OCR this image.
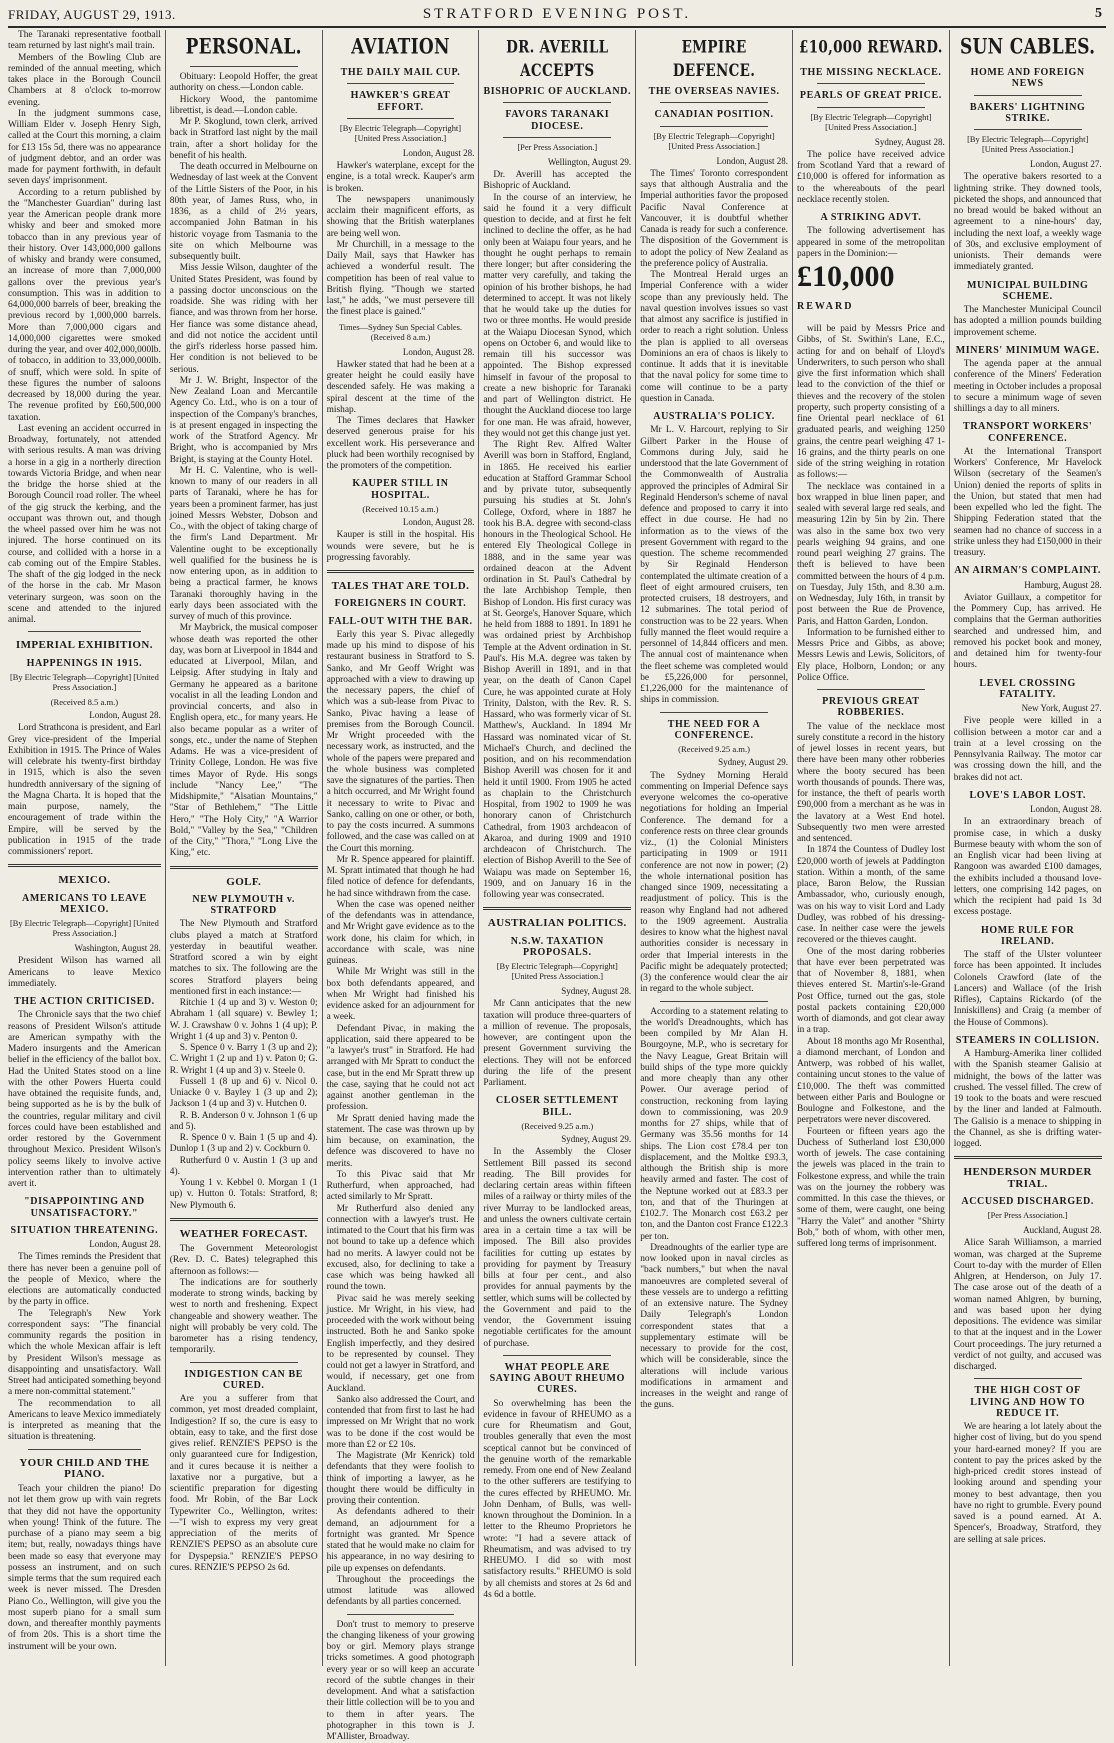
FRIDAY, AUGUST 29, 1913.	STRATFORD EVENING POST.	5

The Taranaki representative football team returned by last night's mail train.

Members of the Bowling Club are reminded of the annual meeting, which takes place in the Borough Council Chambers at 8 o'clock to-morrow evening.

In the judgment summons case, William Elder v. Joseph Henry Sigh, called at the Court this morning, a claim for £13 15s 5d, there was no appearance of judgment debtor, and an order was made for payment forthwith, in default seven days' imprisonment.

According to a return published by the "Manchester Guardian" during last year the American people drank more whisky and beer and smoked more tobacco than in any previous year of their history. Over 143,000,000 gallons of whisky and brandy were consumed, an increase of more than 7,000,000 gallons over the previous year's consumption. This was in addition to 64,000,000 barrels of beer, breaking the previous record by 1,000,000 barrels. More than 7,000,000 cigars and 14,000,000 cigarettes were smoked during the year, and over 402,000,000lb. of tobacco, in addition to 33,000,000lb. of snuff, which were sold. In spite of these figures the number of saloons decreased by 18,000 during the year. The revenue profited by £60,500,000 taxation.

Last evening an accident occurred in Broadway, fortunately, not attended with serious results. A man was driving a horse in a gig in a northerly direction towards Victoria Bridge, and when near the bridge the horse shied at the Borough Council road roller. The wheel of the gig struck the kerbing, and the occupant was thrown out, and though the wheel passed over him he was not injured. The horse continued on its course, and collided with a horse in a cab coming out of the Empire Stables. The shaft of the gig lodged in the neck of the horse in the cab. Mr Mason veterinary surgeon, was soon on the scene and attended to the injured animal.

IMPERIAL EXHIBITION.
HAPPENINGS IN 1915.
[By Electric Telegraph—Copyright] [United Press Association.]
(Received 8.5 a.m.)
London, August 28.

Lord Strathcona is president, and Earl Grey vice-president of the Imperial Exhibition in 1915. The Prince of Wales will celebrate his twenty-first birthday in 1915, which is also the seven hundredth anniversary of the signing of the Magna Charta. It is hoped that the main purpose, namely, the encouragement of trade within the Empire, will be served by the publication in 1915 of the trade commissioners' report.

MEXICO.
AMERICANS TO LEAVE MEXICO.
[By Electric Telegraph—Copyright] [United Press Association.]
Washington, August 28.

President Wilson has warned all Americans to leave Mexico immediately.

THE ACTION CRITICISED.

The Chronicle says that the two chief reasons of President Wilson's attitude are American sympathy with the Madero insurgents and the American belief in the efficiency of the ballot box. Had the United States stood on a line with the other Powers Huerta could have obtained the requisite funds, and, being supported as he is by the bulk of the countries, regular military and civil forces could have been established and order restored by the Government throughout Mexico. President Wilson's policy seems likely to involve active intervention rather than to ultimately avert it.

"DISAPPOINTING AND UNSATISFACTORY."
SITUATION THREATENING.
London, August 28.

The Times reminds the President that there has never been a genuine poll of the people of Mexico, where the elections are automatically conducted by the party in office.

The Telegraph's New York correspondent says: "The financial community regards the position in which the whole Mexican affair is left by President Wilson's message as disappointing and unsatisfactory. Wall Street had anticipated something beyond a mere non-committal statement."

The recommendation to all Americans to leave Mexico immediately is interpreted as meaning that the situation is threatening.

YOUR CHILD AND THE PIANO.

Teach your children the piano! Do not let them grow up with vain regrets that they did not have the opportunity when young! Think of the future. The purchase of a piano may seem a big item; but, really, nowadays things have been made so easy that everyone may possess an instrument, and on such simple terms that the sum required each week is never missed. The Dresden Piano Co., Wellington, will give you the most superb piano for a small sum down, and thereafter monthly payments of from 20s. This is a short time the instrument will be your own.

PERSONAL.

Obituary: Leopold Hoffer, the great authority on chess.—London cable.

Hickory Wood, the pantomime librettist, is dead.—London cable.

Mr P. Skoglund, town clerk, arrived back in Stratford last night by the mail train, after a short holiday for the benefit of his health.

The death occurred in Melbourne on Wednesday of last week at the Convent of the Little Sisters of the Poor, in his 80th year, of James Russ, who, in 1836, as a child of 2½ years, accompanied John Batman in his historic voyage from Tasmania to the site on which Melbourne was subsequently built.

Miss Jessie Wilson, daughter of the United States President, was found by a passing doctor unconscious on the roadside. She was riding with her fiance, and was thrown from her horse. Her fiance was some distance ahead, and did not notice the accident until the girl's riderless horse passed him. Her condition is not believed to be serious.

Mr J. W. Bright, Inspector of the New Zealand Loan and Mercantile Agency Co. Ltd., who is on a tour of inspection of the Company's branches, is at present engaged in inspecting the work of the Stratford Agency. Mr Bright, who is accompanied by Mrs Bright, is staying at the County Hotel.

Mr H. C. Valentine, who is well-known to many of our readers in all parts of Taranaki, where he has for years been a prominent farmer, has just joined Messrs Webster, Dobson and Co., with the object of taking charge of the firm's Land Department. Mr Valentine ought to be exceptionally well qualified for the business he is now entering upon, as in addition to being a practical farmer, he knows Taranaki thoroughly having in the early days been associated with the survey of much of this province.

Mr Maybrick, the musical composer whose death was reported the other day, was born at Liverpool in 1844 and educated at Liverpool, Milan, and Leipsig. After studying in Italy and Germany he appeared as a baritone vocalist in all the leading London and provincial concerts, and also in English opera, etc., for many years. He also became popular as a writer of songs, etc., under the name of Stephen Adams. He was a vice-president of Trinity College, London. He was five times Mayor of Ryde. His songs include "Nancy Lee," "The Midshipmite," "Alsatian Mountains," "Star of Bethlehem," "The Little Hero," "The Holy City," "A Warrior Bold," "Valley by the Sea," "Children of the City," "Thora," "Long Live the King," etc.

GOLF.
NEW PLYMOUTH v. STRATFORD

The New Plymouth and Stratford clubs played a match at Stratford yesterday in beautiful weather. Stratford scored a win by eight matches to six. The following are the scores Stratford players being mentioned first in each instance:—

Ritchie 1 (4 up and 3) v. Weston 0; Abraham 1 (all square) v. Bewley 1; W. J. Crawshaw 0 v. Johns 1 (4 up); P. Wright 1 (4 up and 3) v. Penton 0.

S. Spence 0 v. Barry 1 (3 up and 2); C. Wright 1 (2 up and 1) v. Paton 0; G. R. Wright 1 (4 up and 3) v. Steele 0.

Fussell 1 (8 up and 6) v. Nicol 0. Uniacke 0 v. Bayley 1 (3 up and 2); Jackson 1 (4 up and 3) v. Hutchen 0.

R. B. Anderson 0 v. Johnson 1 (6 up and 5).

R. Spence 0 v. Bain 1 (5 up and 4). Dunlop 1 (3 up and 2) v. Cockburn 0.

Rutherfurd 0 v. Austin 1 (3 up and 4).

Young 1 v. Kebbel 0. Morgan 1 (1 up) v. Hutton 0. Totals: Stratford, 8; New Plymouth 6.

WEATHER FORECAST.

The Government Meteorologist (Rev. D. C. Bates) telegraphed this afternoon as follows:—

The indications are for southerly moderate to strong winds, backing by west to north and freshening. Expect changeable and showery weather. The night will probably be very cold. The barometer has a rising tendency, temporarily.

INDIGESTION CAN BE CURED.

Are you a sufferer from that common, yet most dreaded complaint, Indigestion? If so, the cure is easy to obtain, easy to take, and the first dose gives relief. RENZIE'S PEPSO is the only guaranteed cure for Indigestion, and it cures because it is neither a laxative nor a purgative, but a scientific preparation for digesting food. Mr Robin, of the Bar Lock Typewriter Co., Wellington, writes:—"I wish to express my very great appreciation of the merits of RENZIE'S PEPSO as an absolute cure for Dyspepsia." RENZIE'S PEPSO cures. RENZIE'S PEPSO 2s 6d.

AVIATION
THE DAILY MAIL CUP.
HAWKER'S GREAT EFFORT.
[By Electric Telegraph—Copyright] [United Press Association.]
London, August 28.

Hawker's waterplane, except for the engine, is a total wreck. Kauper's arm is broken.

The newspapers unanimously acclaim their magnificent efforts, as showing that the British waterplanes are being well won.

Mr Churchill, in a message to the Daily Mail, says that Hawker has achieved a wonderful result. The competition has been of real value to British flying. "Though we started last," he adds, "we must persevere till the finest place is gained."

Times—Sydney Sun Special Cables. (Received 8 a.m.)
London, August 28.

Hawker stated that had he been at a greater height he could easily have descended safely. He was making a spiral descent at the time of the mishap.

The Times declares that Hawker deserved generous praise for his excellent work. His perseverance and pluck had been worthily recognised by the promoters of the competition.

KAUPER STILL IN HOSPITAL.
(Received 10.15 a.m.)
London, August 28.

Kauper is still in the hospital. His wounds were severe, but he is progressing favorably.

TALES THAT ARE TOLD.
FOREIGNERS IN COURT.
FALL-OUT WITH THE BAR.

Early this year S. Pivac allegedly made up his mind to dispose of his restaurant business in Stratford to S. Sanko, and Mr Geoff Wright was approached with a view to drawing up the necessary papers, the chief of which was a sub-lease from Pivac to Sanko, Pivac having a lease of premises from the Borough Council. Mr Wright proceeded with the necessary work, as instructed, and the whole of the papers were prepared and the whole business was completed save the signatures of the parties. Then a hitch occurred, and Mr Wright found it necessary to write to Pivac and Sanko, calling on one or other, or both, to pay the costs incurred. A summons followed, and the case was called on at the Court this morning.

Mr R. Spence appeared for plaintiff. M. Spratt intimated that though he had filed notice of defence for defendants, he had since withdrawn from the case.

When the case was opened neither of the defendants was in attendance, and Mr Wright gave evidence as to the work done, his claim for which, in accordance with scale, was nine guineas.

While Mr Wright was still in the box both defendants appeared, and when Mr Wright had finished his evidence asked for an adjournment for a week.

Defendant Pivac, in making the application, said there appeared to be "a lawyer's trust" in Stratford. He had arranged with Mr Spratt to conduct the case, but in the end Mr Spratt threw up the case, saying that he could not act against another gentleman in the profession.

Mr Spratt denied having made the statement. The case was thrown up by him because, on examination, the defence was discovered to have no merits.

To this Pivac said that Mr Rutherfurd, when approached, had acted similarly to Mr Spratt.

Mr Rutherfurd also denied any connection with a lawyer's trust. He intimated to the Court that his firm was not bound to take up a defence which had no merits. A lawyer could not be excused, also, for declining to take a case which was being hawked all round the town.

Pivac said he was merely seeking justice. Mr Wright, in his view, had proceeded with the work without being instructed. Both he and Sanko spoke English imperfectly, and they desired to be represented by counsel. They could not get a lawyer in Stratford, and would, if necessary, get one from Auckland.

Sanko also addressed the Court, and contended that from first to last he had impressed on Mr Wright that no work was to be done if the cost would be more than £2 or £2 10s.

The Magistrate (Mr Kenrick) told defendants that they were foolish to think of importing a lawyer, as he thought there would be difficulty in proving their contention.

As defendants adhered to their demand, an adjournment for a fortnight was granted. Mr Spence stated that he would make no claim for his appearance, in no way desiring to pile up expenses on defendants.

Throughout the proceedings the utmost latitude was allowed defendants by all parties concerned.

Don't trust to memory to preserve the changing likeness of your growing boy or girl. Memory plays strange tricks sometimes. A good photograph every year or so will keep an accurate record of the subtle changes in their development. And what a satisfaction their little collection will be to you and to them in after years. The photographer in this town is J. M'Allister, Broadway.

DR. AVERILL ACCEPTS
BISHOPRIC OF AUCKLAND.
FAVORS TARANAKI DIOCESE.
[Per Press Association.]
Wellington, August 29.

Dr. Averill has accepted the Bishopric of Auckland.

In the course of an interview, he said he found it a very difficult question to decide, and at first he felt inclined to decline the offer, as he had only been at Waiapu four years, and he thought he ought perhaps to remain there longer; but after considering the matter very carefully, and taking the opinion of his brother bishops, he had determined to accept. It was not likely that he would take up the duties for two or three months. He would preside at the Waiapu Diocesan Synod, which opens on October 6, and would like to remain till his successor was appointed. The Bishop expressed himself in favour of the proposal to create a new bishopric for Taranaki and part of Wellington district. He thought the Auckland diocese too large for one man. He was afraid, however, they would not get this change just yet.

The Right Rev. Alfred Walter Averill was born in Stafford, England, in 1865. He received his earlier education at Stafford Grammar School and by private tutor, subsequently pursuing his studies at St. John's College, Oxford, where in 1887 he took his B.A. degree with second-class honours in the Theological School. He entered Ely Theological College in 1888, and in the same year was ordained deacon at the Advent ordination in St. Paul's Cathedral by the late Archbishop Temple, then Bishop of London. His first curacy was at St. George's, Hanover Square, which he held from 1888 to 1891. In 1891 he was ordained priest by Archbishop Temple at the Advent ordination in St. Paul's. His M.A. degree was taken by Bishop Averill in 1891, and in that year, on the death of Canon Capel Cure, he was appointed curate at Holy Trinity, Dalston, with the Rev. R. S. Hassard, who was formerly vicar of St. Matthew's, Auckland. In 1894 Mr Hassard was nominated vicar of St. Michael's Church, and declined the position, and on his recommendation Bishop Averill was chosen for it and held it until 1900. From 1905 he acted as chaplain to the Christchurch Hospital, from 1902 to 1909 he was honorary canon of Christchurch Cathedral, from 1903 archdeacon of Akaroa, and during 1909 and 1910 archdeacon of Christchurch. The election of Bishop Averill to the See of Waiapu was made on September 16, 1909, and on January 16 in the following year was consecrated.

AUSTRALIAN POLITICS.
N.S.W. TAXATION PROPOSALS.
[By Electric Telegraph—Copyright] [United Press Association.]
Sydney, August 28.

Mr Cann anticipates that the new taxation will produce three-quarters of a million of revenue. The proposals, however, are contingent upon the present Government surviving the elections. They will not be enforced during the life of the present Parliament.

CLOSER SETTLEMENT BILL.
(Received 9.25 a.m.)
Sydney, August 29.

In the Assembly the Closer Settlement Bill passed its second reading. The Bill provides for declaring certain areas within fifteen miles of a railway or thirty miles of the river Murray to be landlocked areas, and unless the owners cultivate certain area in a certain time a tax will be imposed. The Bill also provides facilities for cutting up estates by providing for payment by Treasury bills at four per cent., and also provides for annual payments by the settler, which sums will be collected by the Government and paid to the vendor, the Government issuing negotiable certificates for the amount of purchase.

WHAT PEOPLE ARE SAYING ABOUT RHEUMO CURES.

So overwhelming has been the evidence in favour of RHEUMO as a cure for Rheumatism and Gout, troubles generally that even the most sceptical cannot but be convinced of the genuine worth of the remarkable remedy. From one end of New Zealand to the other sufferers are testifying to the cures effected by RHEUMO. Mr. John Denham, of Bulls, was well-known throughout the Dominion. In a letter to the Rheumo Proprietors he wrote: "I had a severe attack of Rheumatism, and was advised to try RHEUMO. I did so with most satisfactory results." RHEUMO is sold by all chemists and stores at 2s 6d and 4s 6d a bottle.

EMPIRE DEFENCE.
THE OVERSEAS NAVIES.
CANADIAN POSITION.
[By Electric Telegraph—Copyright] [United Press Association.]
London, August 28.

The Times' Toronto correspondent says that although Australia and the Imperial authorities favor the proposed Pacific Naval Conference at Vancouver, it is doubtful whether Canada is ready for such a conference. The disposition of the Government is to adopt the policy of New Zealand as the preference policy of Australia.

The Montreal Herald urges an Imperial Conference with a wider scope than any previously held. The naval question involves issues so vast that almost any sacrifice is justified in order to reach a right solution. Unless the plan is applied to all overseas Dominions an era of chaos is likely to continue. It adds that it is inevitable that the naval policy for some time to come will continue to be a party question in Canada.

AUSTRALIA'S POLICY.

Mr L. V. Harcourt, replying to Sir Gilbert Parker in the House of Commons during July, said he understood that the late Government of the Commonwealth of Australia approved the principles of Admiral Sir Reginald Henderson's scheme of naval defence and proposed to carry it into effect in due course. He had no information as to the views of the present Government with regard to the question. The scheme recommended by Sir Reginald Henderson contemplated the ultimate creation of a fleet of eight armoured cruisers, ten protected cruisers, 18 destroyers, and 12 submarines. The total period of construction was to be 22 years. When fully manned the fleet would require a personnel of 14,844 officers and men. The annual cost of maintenance when the fleet scheme was completed would be £5,226,000 for personnel, £1,226,000 for the maintenance of ships in commission.

THE NEED FOR A CONFERENCE.
(Received 9.25 a.m.)
Sydney, August 29.

The Sydney Morning Herald commenting on Imperial Defence says everyone welcomes the co-operative negotiations for holding an Imperial Conference. The demand for a conference rests on three clear grounds viz., (1) the Colonial Ministers participating in 1909 or 1911 conference are not now in power; (2) the whole international position has changed since 1909, necessitating a readjustment of policy. This is the reason why England had not adhered to the 1909 agreement. Australia desires to know what the highest naval authorities consider is necessary in order that Imperial interests in the Pacific might be adequately protected; (3) the conference would clear the air in regard to the whole subject.

According to a statement relating to the world's Dreadnoughts, which has been compiled by Mr Alan H. Bourgoyne, M.P., who is secretary for the Navy League, Great Britain will build ships of the type more quickly and more cheaply than any other Power. Our average period of construction, reckoning from laying down to commissioning, was 20.9 months for 27 ships, while that of Germany was 35.56 months for 14 ships. The Lion cost £78.4 per ton displacement, and the Moltke £93.3, although the British ship is more heavily armed and faster. The cost of the Neptune worked out at £83.3 per ton, and that of the Thuringen at £102.7. The Monarch cost £63.2 per ton, and the Danton cost France £122.3 per ton.

Dreadnoughts of the earlier type are now looked upon in naval circles as "back numbers," but when the naval manoeuvres are completed several of these vessels are to undergo a refitting of an extensive nature. The Sydney Daily Telegraph's London correspondent states that a supplementary estimate will be necessary to provide for the cost, which will be considerable, since the alterations will include various modifications in armament and increases in the weight and range of the guns.

£10,000 REWARD.
THE MISSING NECKLACE.
PEARLS OF GREAT PRICE.
[By Electric Telegraph—Copyright] [United Press Association.]
Sydney, August 28.

The police have received advice from Scotland Yard that a reward of £10,000 is offered for information as to the whereabouts of the pearl necklace recently stolen.

A STRIKING ADVT.

The following advertisement has appeared in some of the metropolitan papers in the Dominion:—

£10,000 $^{REWARD}$

will be paid by Messrs Price and Gibbs, of St. Swithin's Lane, E.C., acting for and on behalf of Lloyd's Underwriters, to such person who shall give the first information which shall lead to the conviction of the thief or thieves and the recovery of the stolen property, such property consisting of a fine Oriental pearl necklace of 61 graduated pearls, and weighing 1250 grains, the centre pearl weighing 47 1-16 grains, and the thirty pearls on one side of the string weighing in rotation as follows:—

The necklace was contained in a box wrapped in blue linen paper, and sealed with several large red seals, and measuring 12in by 5in by 2in. There was also in the same box two very pearls weighing 94 grains, and one round pearl weighing 27 grains. The theft is believed to have been committed between the hours of 4 p.m. on Tuesday, July 15th, and 8.30 a.m. on Wednesday, July 16th, in transit by post between the Rue de Provence, Paris, and Hatton Garden, London.

Information to be furnished either to Messrs Price and Gibbs, as above; Messrs Lewis and Lewis, Solicitors, of Ely place, Holborn, London; or any Police Office.

PREVIOUS GREAT ROBBERIES.

The value of the necklace most surely constitute a record in the history of jewel losses in recent years, but there have been many other robberies where the booty secured has been worth thousands of pounds. There was, for instance, the theft of pearls worth £90,000 from a merchant as he was in the lavatory at a West End hotel. Subsequently two men were arrested and sentenced.

In 1874 the Countess of Dudley lost £20,000 worth of jewels at Paddington station. Within a month, of the same place, Baron Below, the Russian Ambassador, who, curiously enough, was on his way to visit Lord and Lady Dudley, was robbed of his dressing-case. In neither case were the jewels recovered or the thieves caught.

One of the most daring robberies that have ever been perpetrated was that of November 8, 1881, when thieves entered St. Martin's-le-Grand Post Office, turned out the gas, stole postal packets containing £20,000 worth of diamonds, and got clear away in a trap.

About 18 months ago Mr Rosenthal, a diamond merchant, of London and Antwerp, was robbed of his wallet, containing uncut stones to the value of £10,000. The theft was committed between either Paris and Boulogne or Boulogne and Folkestone, and the perpetrators were never discovered.

Fourteen or fifteen years ago the Duchess of Sutherland lost £30,000 worth of jewels. The case containing the jewels was placed in the train to Folkestone express, and while the train was on the journey the robbery was committed. In this case the thieves, or some of them, were caught, one being "Harry the Valet" and another "Shirty Bob," both of whom, with other men, suffered long terms of imprisonment.

SUN CABLES.
HOME AND FOREIGN NEWS
BAKERS' LIGHTNING STRIKE.
[By Electric Telegraph—Copyright] [United Press Association.]
London, August 27.

The operative bakers resorted to a lightning strike. They downed tools, picketed the shops, and announced that no bread would be baked without an agreement to a nine-hours' day, including the next loaf, a weekly wage of 30s, and exclusive employment of unionists. Their demands were immediately granted.

MUNICIPAL BUILDING SCHEME.

The Manchester Municipal Council has adopted a million pounds building improvement scheme.

MINERS' MINIMUM WAGE.

The agenda paper at the annual conference of the Miners' Federation meeting in October includes a proposal to secure a minimum wage of seven shillings a day to all miners.

TRANSPORT WORKERS' CONFERENCE.

At the International Transport Workers' Conference, Mr Havelock Wilson (secretary of the Seamen's Union) denied the reports of splits in the Union, but stated that men had been expelled who led the fight. The Shipping Federation stated that the seamen had no chance of success in a strike unless they had £150,000 in their treasury.

AN AIRMAN'S COMPLAINT.
Hamburg, August 28.

Aviator Guillaux, a competitor for the Pommery Cup, has arrived. He complains that the German authorities searched and undressed him, and removed his pocket book and money, and detained him for twenty-four hours.

LEVEL CROSSING FATALITY.
New York, August 27.

Five people were killed in a collision between a motor car and a train at a level crossing on the Pennsylvania Railway. The motor car was crossing down the hill, and the brakes did not act.

LOVE'S LABOR LOST.
London, August 28.

In an extraordinary breach of promise case, in which a dusky Burmese beauty with whom the son of an English vicar had been living at Rangoon was awarded £100 damages, the exhibits included a thousand love-letters, one comprising 142 pages, on which the recipient had paid 1s 3d excess postage.

HOME RULE FOR IRELAND.

The staff of the Ulster volunteer force has been appointed. It includes Colonels Crawford (late of the Lancers) and Wallace (of the Irish Rifles), Captains Rickardo (of the Inniskillens) and Craig (a member of the House of Commons).

STEAMERS IN COLLISION.

A Hamburg-Amerika liner collided with the Spanish steamer Galisio at midnight, the bows of the latter was crushed. The vessel filled. The crew of 19 took to the boats and were rescued by the liner and landed at Falmouth. The Galisio is a menace to shipping in the Channel, as she is drifting water-logged.

HENDERSON MURDER TRIAL.
ACCUSED DISCHARGED.
[Per Press Association.]
Auckland, August 28.

Alice Sarah Williamson, a married woman, was charged at the Supreme Court to-day with the murder of Ellen Ahlgren, at Henderson, on July 17. The case arose out of the death of a woman named Ahlgren, by burning, and was based upon her dying depositions. The evidence was similar to that at the inquest and in the Lower Court proceedings. The jury returned a verdict of not guilty, and accused was discharged.

THE HIGH COST OF LIVING AND HOW TO REDUCE IT.

We are hearing a lot lately about the higher cost of living, but do you spend your hard-earned money? If you are content to pay the prices asked by the high-priced credit stores instead of looking around and spending your money to best advantage, then you have no right to grumble. Every pound saved is a pound earned. At A. Spencer's, Broadway, Stratford, they are selling at sale prices.
